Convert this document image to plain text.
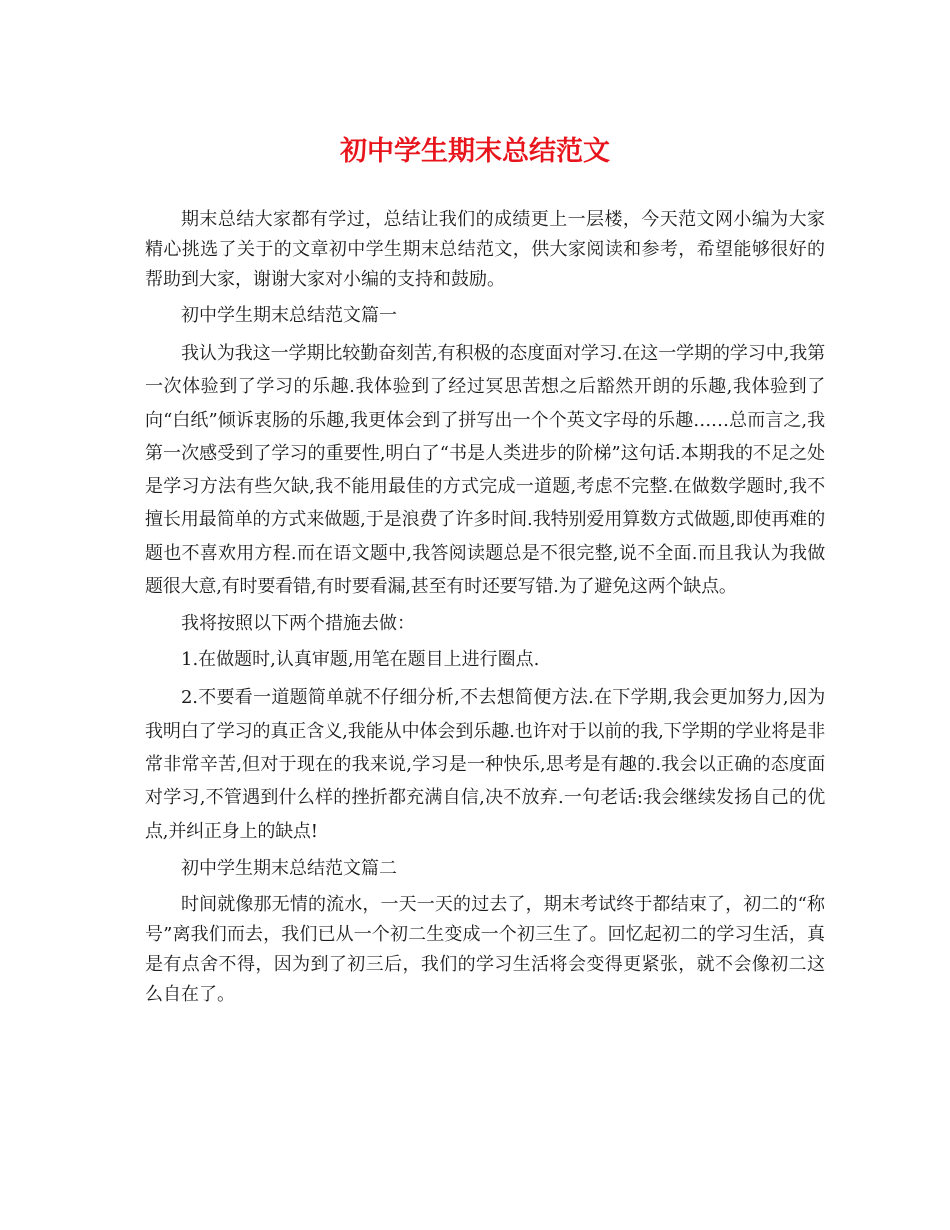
初中学生期末总结范文

期末总结大家都有学过，总结让我们的成绩更上一层楼，今天范文网小编为大家精心挑选了关于的文章初中学生期末总结范文，供大家阅读和参考，希望能够很好的帮助到大家，谢谢大家对小编的支持和鼓励。

初中学生期末总结范文篇一

我认为我这一学期比较勤奋刻苦,有积极的态度面对学习.在这一学期的学习中,我第一次体验到了学习的乐趣.我体验到了经过冥思苦想之后豁然开朗的乐趣,我体验到了向“白纸”倾诉衷肠的乐趣,我更体会到了拼写出一个个英文字母的乐趣……总而言之,我第一次感受到了学习的重要性,明白了“书是人类进步的阶梯”这句话.本期我的不足之处是学习方法有些欠缺,我不能用最佳的方式完成一道题,考虑不完整.在做数学题时,我不擅长用最简单的方式来做题,于是浪费了许多时间.我特别爱用算数方式做题,即使再难的题也不喜欢用方程.而在语文题中,我答阅读题总是不很完整,说不全面.而且我认为我做题很大意,有时要看错,有时要看漏,甚至有时还要写错.为了避免这两个缺点。

我将按照以下两个措施去做：

1.在做题时,认真审题,用笔在题目上进行圈点.

2.不要看一道题简单就不仔细分析,不去想简便方法.在下学期,我会更加努力,因为我明白了学习的真正含义,我能从中体会到乐趣.也许对于以前的我,下学期的学业将是非常非常辛苦,但对于现在的我来说,学习是一种快乐,思考是有趣的.我会以正确的态度面对学习,不管遇到什么样的挫折都充满自信,决不放弃.一句老话:我会继续发扬自己的优点,并纠正身上的缺点!

初中学生期末总结范文篇二

时间就像那无情的流水，一天一天的过去了，期末考试终于都结束了，初二的“称号”离我们而去，我们已从一个初二生变成一个初三生了。回忆起初二的学习生活，真是有点舍不得，因为到了初三后，我们的学习生活将会变得更紧张，就不会像初二这么自在了。
